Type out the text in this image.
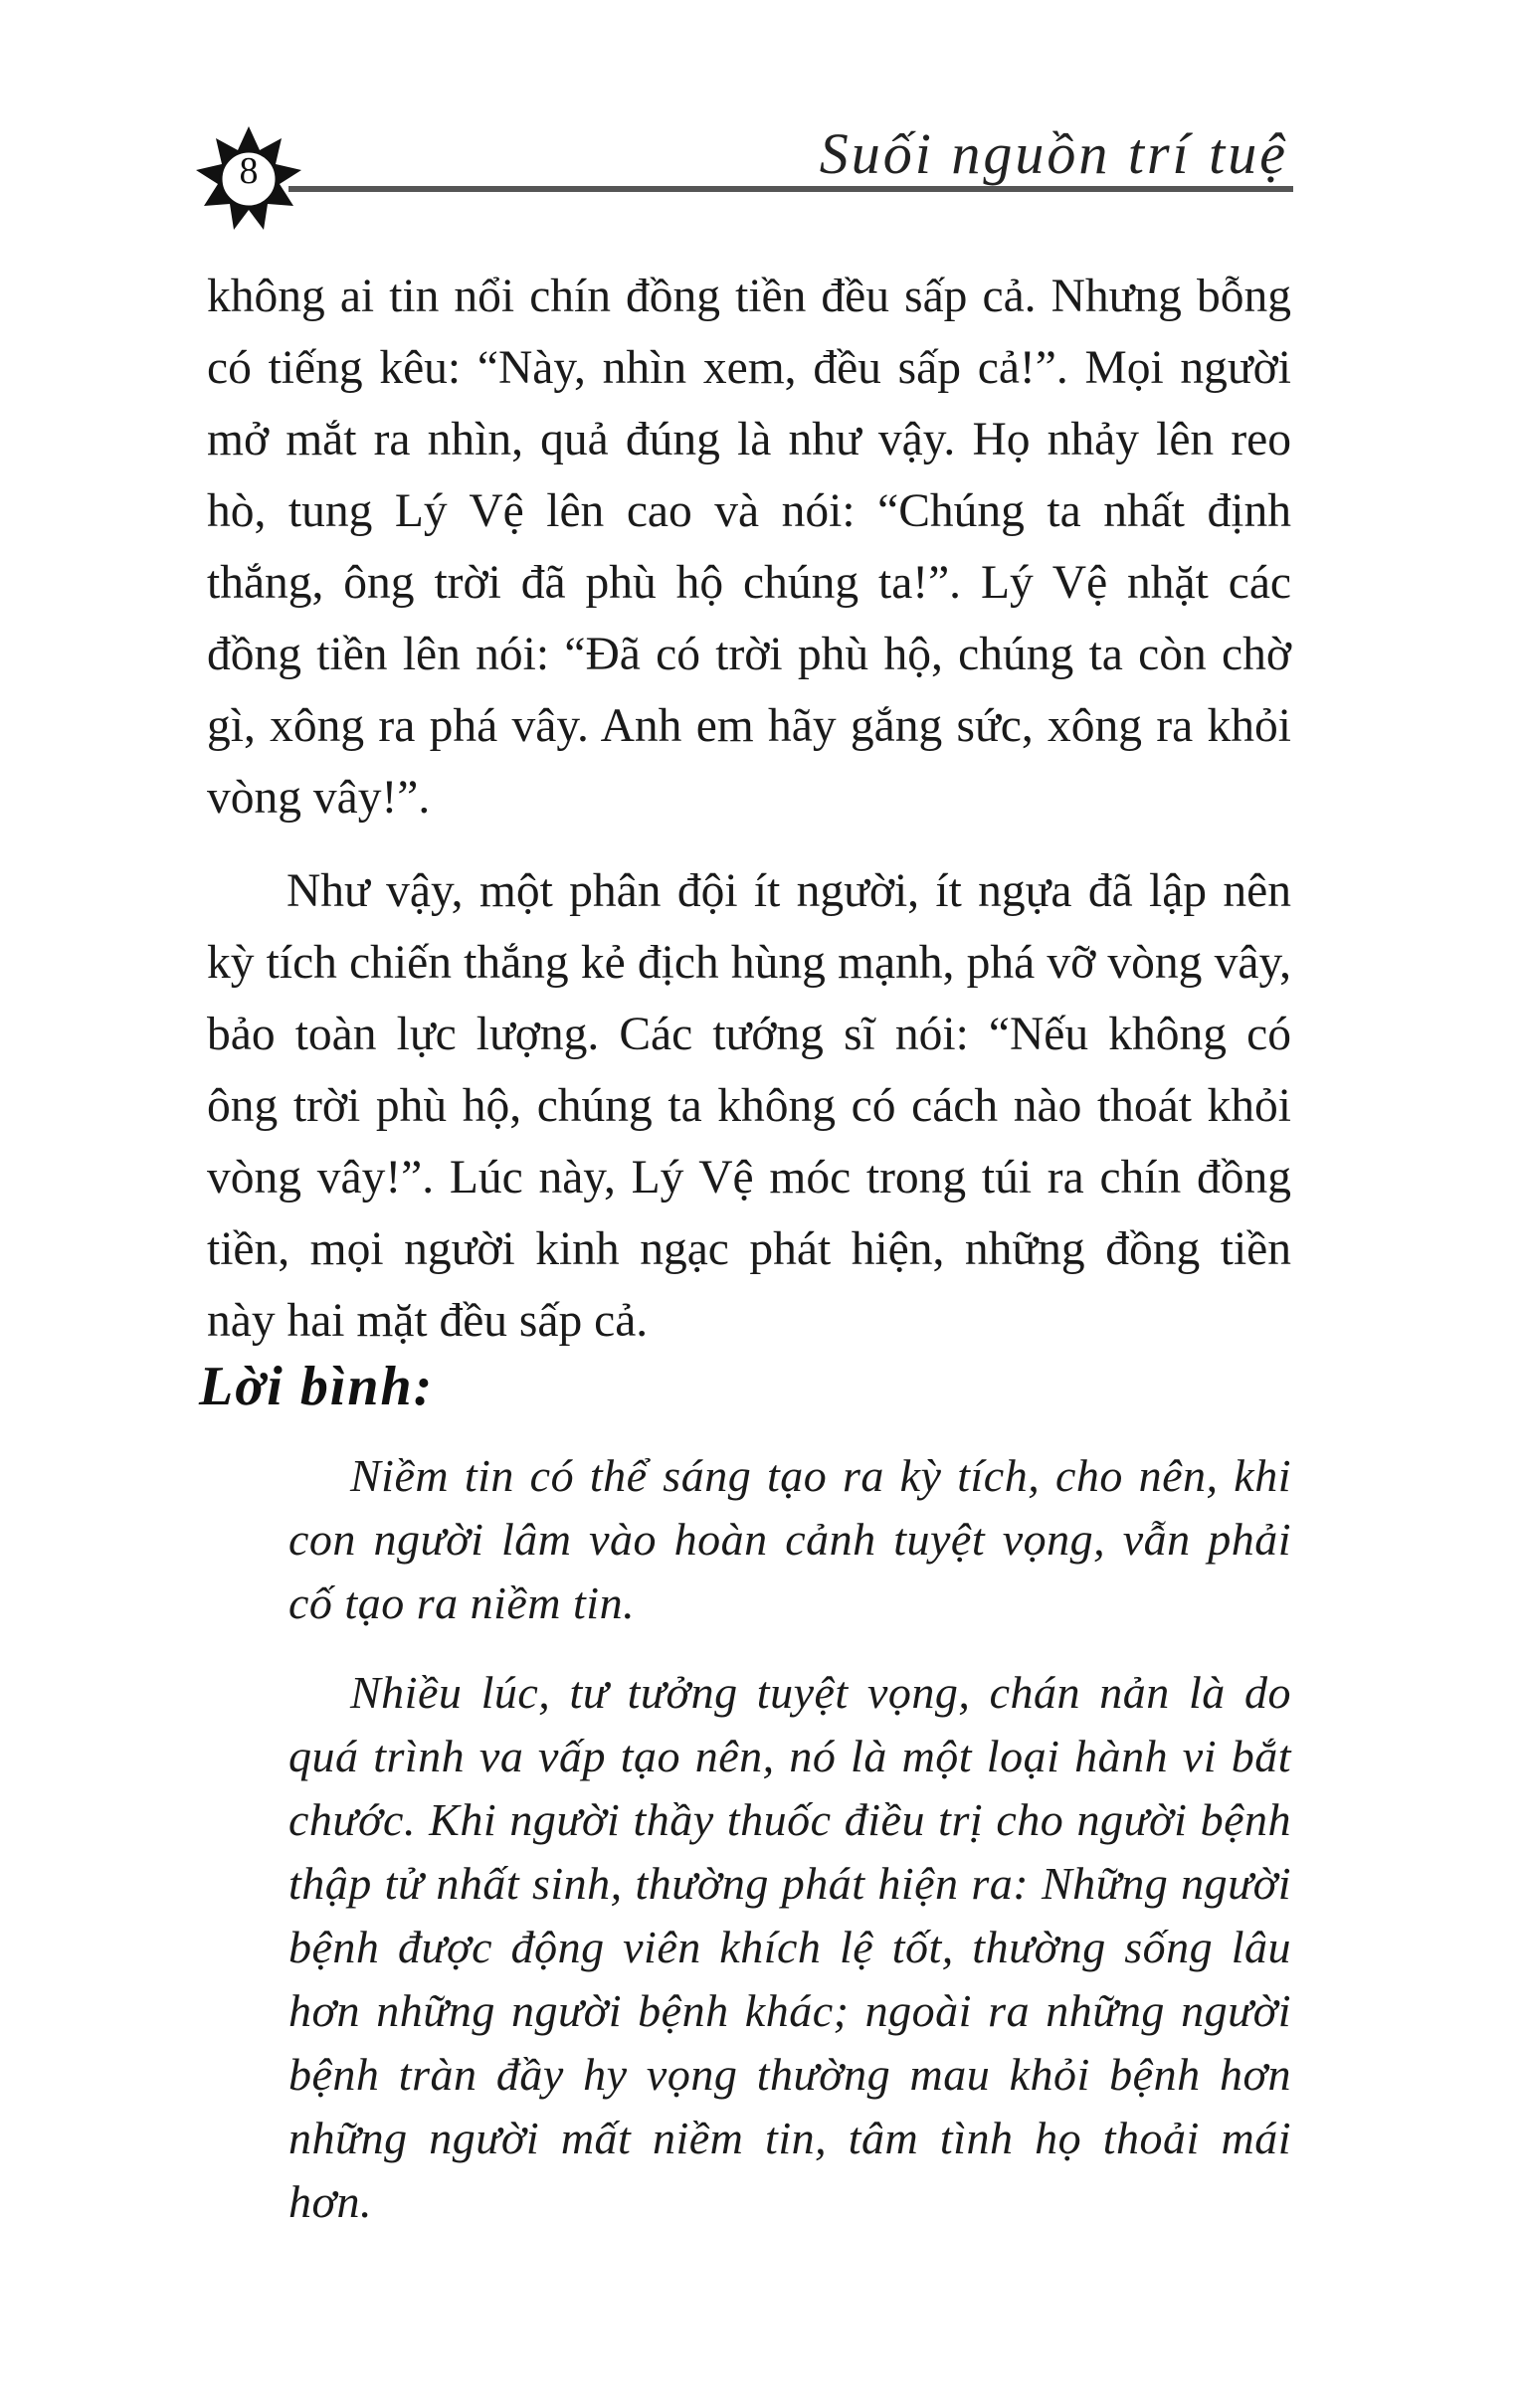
8	Suối nguồn trí tuệ

không ai tin nổi chín đồng tiền đều sấp cả. Nhưng bỗng có tiếng kêu: “Này, nhìn xem, đều sấp cả!”. Mọi người mở mắt ra nhìn, quả đúng là như vậy. Họ nhảy lên reo hò, tung Lý Vệ lên cao và nói: “Chúng ta nhất định thắng, ông trời đã phù hộ chúng ta!”. Lý Vệ nhặt các đồng tiền lên nói: “Đã có trời phù hộ, chúng ta còn chờ gì, xông ra phá vây. Anh em hãy gắng sức, xông ra khỏi vòng vây!”.

Như vậy, một phân đội ít người, ít ngựa đã lập nên kỳ tích chiến thắng kẻ địch hùng mạnh, phá vỡ vòng vây, bảo toàn lực lượng. Các tướng sĩ nói: “Nếu không có ông trời phù hộ, chúng ta không có cách nào thoát khỏi vòng vây!”. Lúc này, Lý Vệ móc trong túi ra chín đồng tiền, mọi người kinh ngạc phát hiện, những đồng tiền này hai mặt đều sấp cả.

Lời bình:

Niềm tin có thể sáng tạo ra kỳ tích, cho nên, khi con người lâm vào hoàn cảnh tuyệt vọng, vẫn phải cố tạo ra niềm tin.

Nhiều lúc, tư tưởng tuyệt vọng, chán nản là do quá trình va vấp tạo nên, nó là một loại hành vi bắt chước. Khi người thầy thuốc điều trị cho người bệnh thập tử nhất sinh, thường phát hiện ra: Những người bệnh được động viên khích lệ tốt, thường sống lâu hơn những người bệnh khác; ngoài ra những người bệnh tràn đầy hy vọng thường mau khỏi bệnh hơn những người mất niềm tin, tâm tình họ thoải mái hơn.
